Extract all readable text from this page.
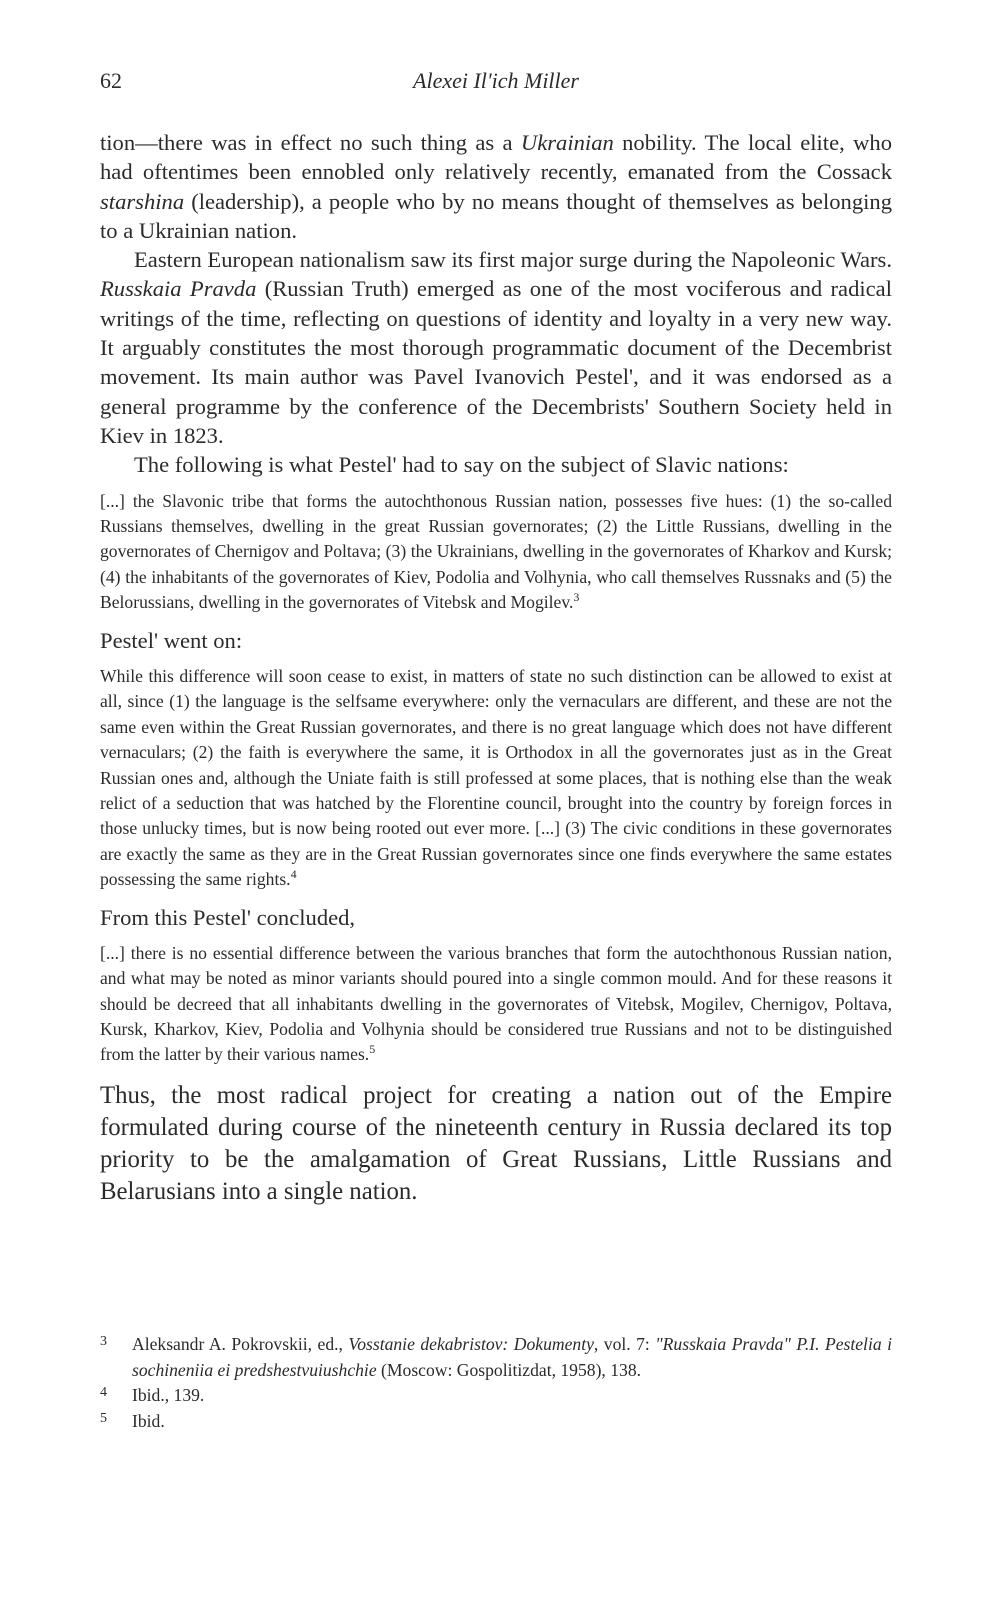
62	Alexei Il'ich Miller

tion—there was in effect no such thing as a Ukrainian nobility. The local elite, who had oftentimes been ennobled only relatively recently, emanated from the Cossack starshina (leadership), a people who by no means thought of themselves as belonging to a Ukrainian nation.

Eastern European nationalism saw its first major surge during the Napoleonic Wars. Russkaia Pravda (Russian Truth) emerged as one of the most vociferous and radical writings of the time, reflecting on questions of identity and loyalty in a very new way. It arguably constitutes the most thorough programmatic document of the Decembrist movement. Its main author was Pavel Ivanovich Pestel', and it was endorsed as a general programme by the conference of the Decembrists' Southern Society held in Kiev in 1823.

The following is what Pestel' had to say on the subject of Slavic nations:

[...] the Slavonic tribe that forms the autochthonous Russian nation, possesses five hues: (1) the so-called Russians themselves, dwelling in the great Russian governorates; (2) the Little Russians, dwelling in the governorates of Chernigov and Poltava; (3) the Ukrainians, dwelling in the governorates of Kharkov and Kursk; (4) the inhabitants of the governorates of Kiev, Podolia and Volhynia, who call themselves Russnaks and (5) the Belorussians, dwelling in the governorates of Vitebsk and Mogilev.$^3$

Pestel' went on:

While this difference will soon cease to exist, in matters of state no such distinction can be allowed to exist at all, since (1) the language is the selfsame everywhere: only the vernaculars are different, and these are not the same even within the Great Russian governorates, and there is no great language which does not have different vernaculars; (2) the faith is everywhere the same, it is Orthodox in all the governorates just as in the Great Russian ones and, although the Uniate faith is still professed at some places, that is nothing else than the weak relict of a seduction that was hatched by the Florentine council, brought into the country by foreign forces in those unlucky times, but is now being rooted out ever more. [...] (3) The civic conditions in these governorates are exactly the same as they are in the Great Russian governorates since one finds everywhere the same estates possessing the same rights.$^4$

From this Pestel' concluded,

[...] there is no essential difference between the various branches that form the autochthonous Russian nation, and what may be noted as minor variants should poured into a single common mould. And for these reasons it should be decreed that all inhabitants dwelling in the governorates of Vitebsk, Mogilev, Chernigov, Poltava, Kursk, Kharkov, Kiev, Podolia and Volhynia should be considered true Russians and not to be distinguished from the latter by their various names.$^5$

Thus, the most radical project for creating a nation out of the Empire formulated during course of the nineteenth century in Russia declared its top priority to be the amalgamation of Great Russians, Little Russians and Belarusians into a single nation.

3	Aleksandr A. Pokrovskii, ed., Vosstanie dekabristov: Dokumenty, vol. 7: "Russkaia Pravda" P.I. Pestelia i sochineniia ei predshestvuiushchie (Moscow: Gospolitizdat, 1958), 138.
4	Ibid., 139.
5	Ibid.
